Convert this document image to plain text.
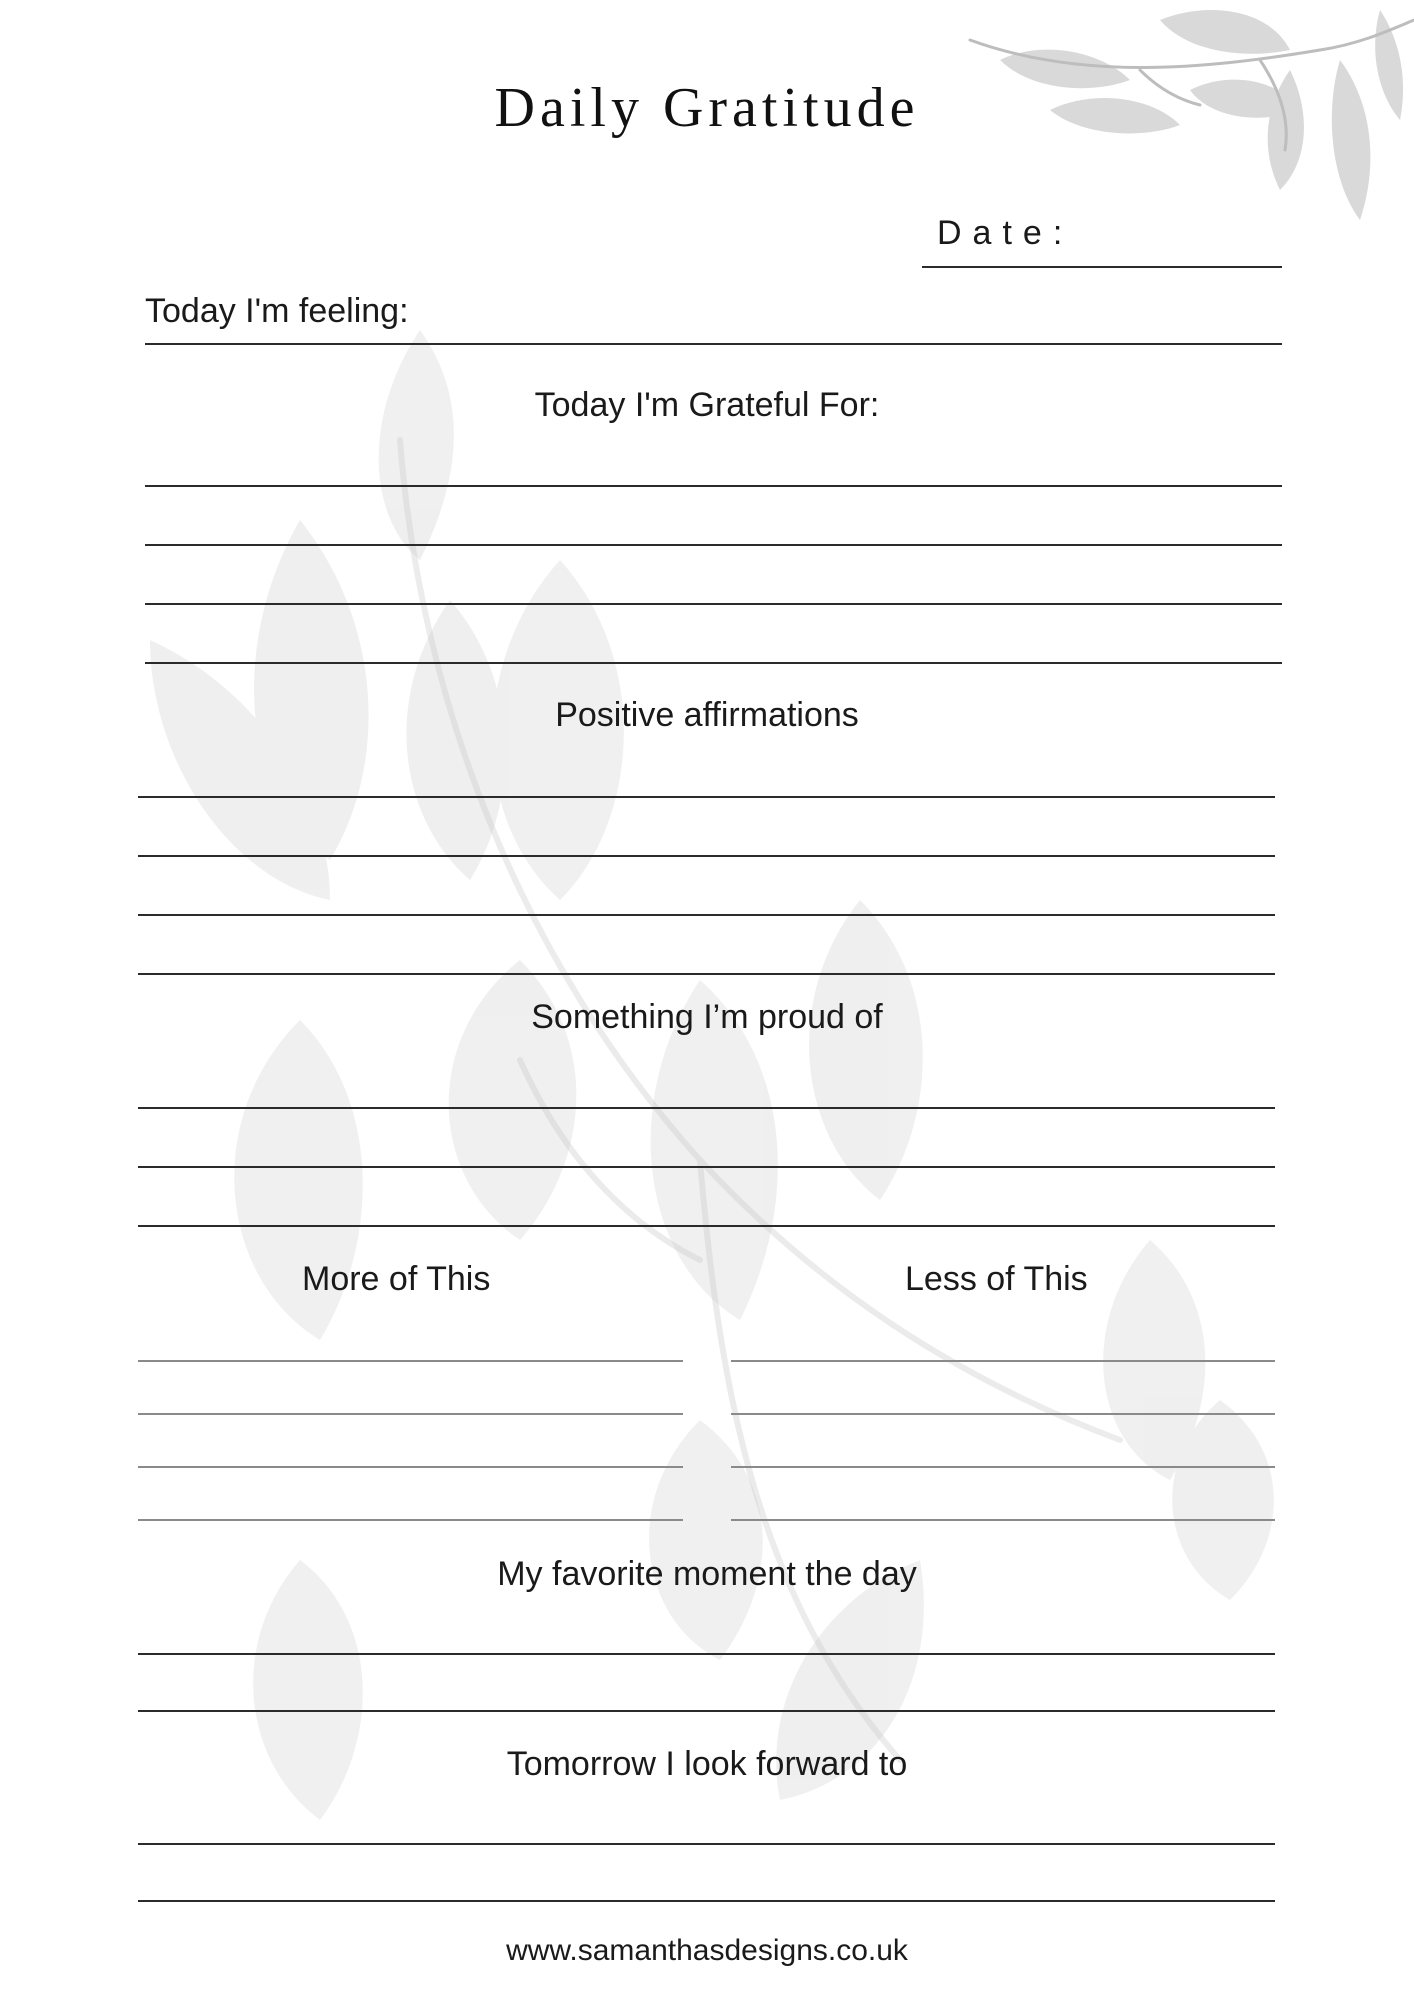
Daily Gratitude
Date:
Today I'm feeling:
Today I'm Grateful For:
Positive affirmations
Something I’m proud of
More of This	Less of This
My favorite moment the day
Tomorrow I look forward to
www.samanthasdesigns.co.uk
